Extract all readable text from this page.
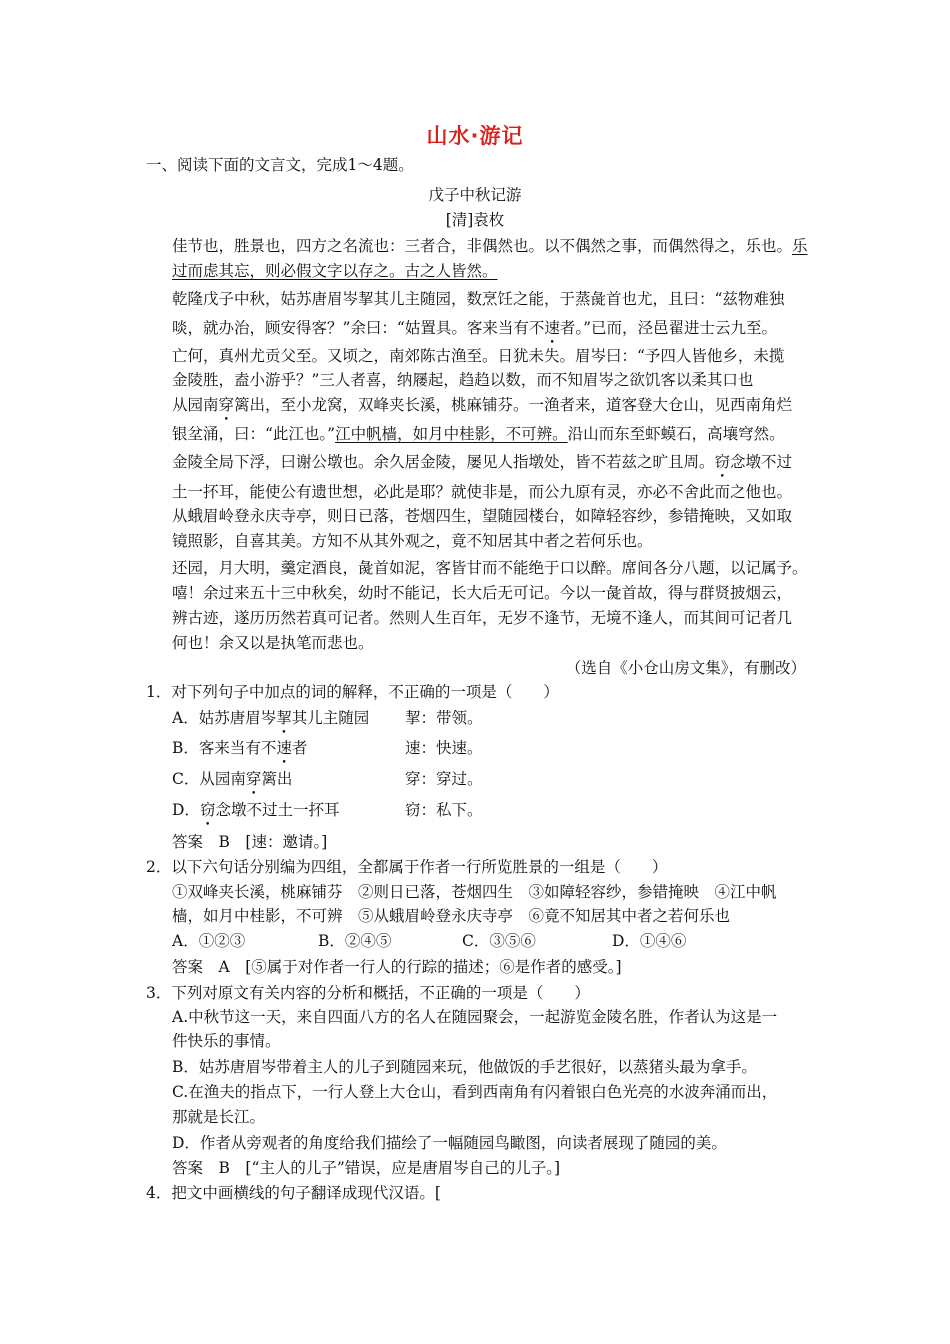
山水·游记
一、阅读下面的文言文，完成1～4题。
戊子中秋记游
[清]袁枚
佳节也，胜景也，四方之名流也：三者合，非偶然也。以不偶然之事，而偶然得之，乐也。乐
过而虑其忘，则必假文字以存之。古之人皆然。
乾隆戊子中秋，姑苏唐眉岑挈其儿主随园，数烹饪之能，于蒸彘首也尤，且曰：“兹物难独
啖，就办治，顾安得客？”余曰：“姑置具。客来当有不速者。”已而，泾邑翟进士云九至。
亡何，真州尤贡父至。又顷之，南郊陈古渔至。日犹未失。眉岑曰：“予四人皆他乡，未揽
金陵胜，盍小游乎？”三人者喜，纳屦起，趋趋以数，而不知眉岑之欲饥客以柔其口也
从园南穿篱出，至小龙窝，双峰夹长溪，桃麻铺芬。一渔者来，道客登大仓山，见西南角烂
银坌涌，曰：“此江也。”江中帆樯，如月中桂影，不可辨。沿山而东至虾蟆石，高壤穹然。
金陵全局下浮，曰谢公墩也。余久居金陵，屡见人指墩处，皆不若兹之旷且周。窃念墩不过
土一抔耳，能使公有遗世想，必此是耶？就使非是，而公九原有灵，亦必不舍此而之他也。
从蛾眉岭登永庆寺亭，则日已落，苍烟四生，望随园楼台，如障轻容纱，参错掩映，又如取
镜照影，自喜其美。方知不从其外观之，竟不知居其中者之若何乐也。
还园，月大明，羹定酒良，彘首如泥，客皆甘而不能绝于口以醉。席间各分八题，以记属予。
嘻！余过来五十三中秋矣，幼时不能记，长大后无可记。今以一彘首故，得与群贤披烟云，
辨古迹，遂历历然若真可记者。然则人生百年，无岁不逢节，无境不逢人，而其间可记者几
何也！余又以是执笔而悲也。
（选自《小仓山房文集》，有删改）
1．对下列句子中加点的词的解释，不正确的一项是（　　）
A．姑苏唐眉岑挈其儿主随园 挈：带领。
B．客来当有不速者	速：快速。
C．从园南穿篱出	穿：穿过。
D．窃念墩不过土一抔耳	窃：私下。
答案　B　[速：邀请。]
2．以下六句话分别编为四组，全都属于作者一行所览胜景的一组是（　　）
①双峰夹长溪，桃麻铺芬　②则日已落，苍烟四生　③如障轻容纱，参错掩映　④江中帆
樯，如月中桂影，不可辨　⑤从蛾眉岭登永庆寺亭　⑥竟不知居其中者之若何乐也
A．①②③	B．②④⑤	C．③⑤⑥	D．①④⑥
答案　A　[⑤属于对作者一行人的行踪的描述；⑥是作者的感受。]
3．下列对原文有关内容的分析和概括，不正确的一项是（　　）
A.中秋节这一天，来自四面八方的名人在随园聚会，一起游览金陵名胜，作者认为这是一
件快乐的事情。
B．姑苏唐眉岑带着主人的儿子到随园来玩，他做饭的手艺很好，以蒸猪头最为拿手。
C.在渔夫的指点下，一行人登上大仓山，看到西南角有闪着银白色光亮的水波奔涌而出，
那就是长江。
D．作者从旁观者的角度给我们描绘了一幅随园鸟瞰图，向读者展现了随园的美。
答案　B　[“主人的儿子”错误，应是唐眉岑自己的儿子。]
4．把文中画横线的句子翻译成现代汉语。[
